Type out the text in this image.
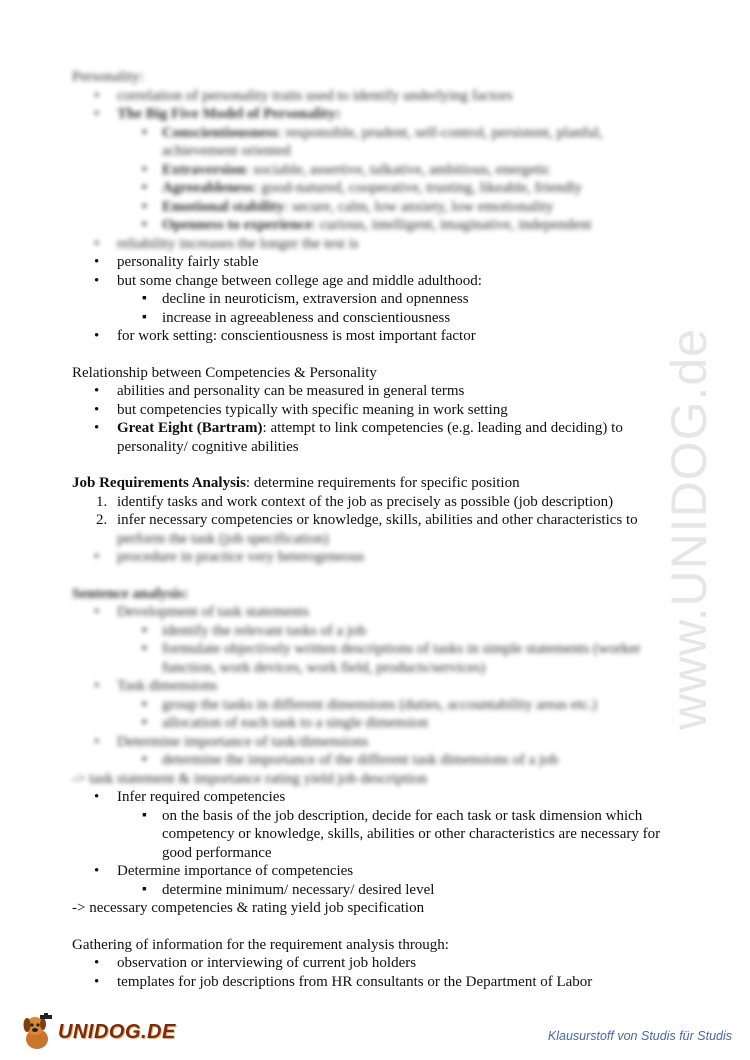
www.UNIDOG.de

Personality:

• correlation of personality traits used to identify underlying factors
• The Big Five Model of Personality:
▪ Conscientiousness: responsible, prudent, self-control, persistent, planful, achievement oriented
▪ Extraversion: sociable, assertive, talkative, ambitious, energetic
▪ Agreeableness: good-natured, cooperative, trusting, likeable, friendly
▪ Emotional stability: secure, calm, low anxiety, low emotionality
▪ Openness to experience: curious, intelligent, imaginative, independent
• reliability increases the longer the test is
• personality fairly stable
• but some change between college age and middle adulthood:
▪ decline in neuroticism, extraversion and opnenness
▪ increase in agreeableness and conscientiousness
• for work setting: conscientiousness is most important factor

Relationship between Competencies & Personality

• abilities and personality can be measured in general terms
• but competencies typically with specific meaning in work setting
• Great Eight (Bartram): attempt to link competencies (e.g. leading and deciding) to personality/ cognitive abilities

Job Requirements Analysis: determine requirements for specific position

1. identify tasks and work context of the job as precisely as possible (job description)
2. infer necessary competencies or knowledge, skills, abilities and other characteristics to
perform the task (job specification)
• procedure in practice very heterogeneous

Sentence analysis:

• Development of task statements
▪ identify the relevant tasks of a job
▪ formulate objectively written descriptions of tasks in simple statements (worker function, work devices, work field, products/services)
• Task dimensions
▪ group the tasks in different dimensions (duties, accountability areas etc.)
▪ allocation of each task to a single dimension
• Determine importance of task/dimensions
▪ determine the importance of the different task dimensions of a job

-> task statement & importance rating yield job description

• Infer required competencies
▪ on the basis of the job description, decide for each task or task dimension which competency or knowledge, skills, abilities or other characteristics are necessary for good performance
• Determine importance of competencies
▪ determine minimum/ necessary/ desired level

-> necessary competencies & rating yield job specification

Gathering of information for the requirement analysis through:

• observation or interviewing of current job holders
• templates for job descriptions from HR consultants or the Department of Labor
UNIDOG.DE	Klausurstoff von Studis für Studis
